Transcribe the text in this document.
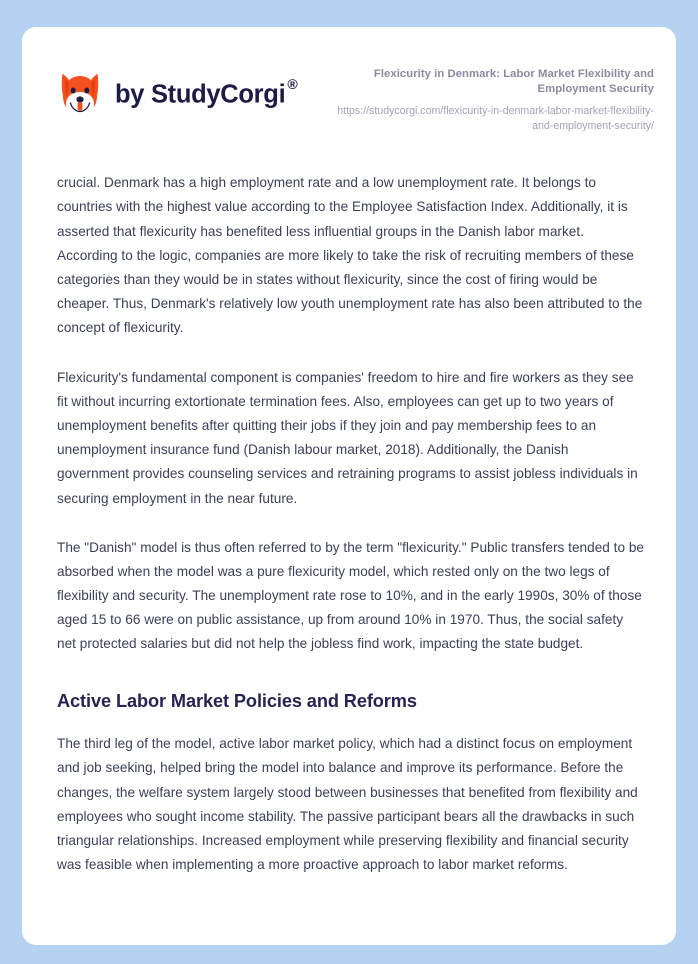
by StudyCorgi ®
Flexicurity in Denmark: Labor Market Flexibility and Employment Security
https://studycorgi.com/flexicurity-in-denmark-labor-market-flexibility-and-employment-security/

crucial. Denmark has a high employment rate and a low unemployment rate. It belongs to countries with the highest value according to the Employee Satisfaction Index. Additionally, it is asserted that flexicurity has benefited less influential groups in the Danish labor market. According to the logic, companies are more likely to take the risk of recruiting members of these categories than they would be in states without flexicurity, since the cost of firing would be cheaper. Thus, Denmark's relatively low youth unemployment rate has also been attributed to the concept of flexicurity.

Flexicurity's fundamental component is companies' freedom to hire and fire workers as they see fit without incurring extortionate termination fees. Also, employees can get up to two years of unemployment benefits after quitting their jobs if they join and pay membership fees to an unemployment insurance fund (Danish labour market, 2018). Additionally, the Danish government provides counseling services and retraining programs to assist jobless individuals in securing employment in the near future.

The "Danish" model is thus often referred to by the term "flexicurity." Public transfers tended to be absorbed when the model was a pure flexicurity model, which rested only on the two legs of flexibility and security. The unemployment rate rose to 10%, and in the early 1990s, 30% of those aged 15 to 66 were on public assistance, up from around 10% in 1970. Thus, the social safety net protected salaries but did not help the jobless find work, impacting the state budget.

Active Labor Market Policies and Reforms

The third leg of the model, active labor market policy, which had a distinct focus on employment and job seeking, helped bring the model into balance and improve its performance. Before the changes, the welfare system largely stood between businesses that benefited from flexibility and employees who sought income stability. The passive participant bears all the drawbacks in such triangular relationships. Increased employment while preserving flexibility and financial security was feasible when implementing a more proactive approach to labor market reforms.
